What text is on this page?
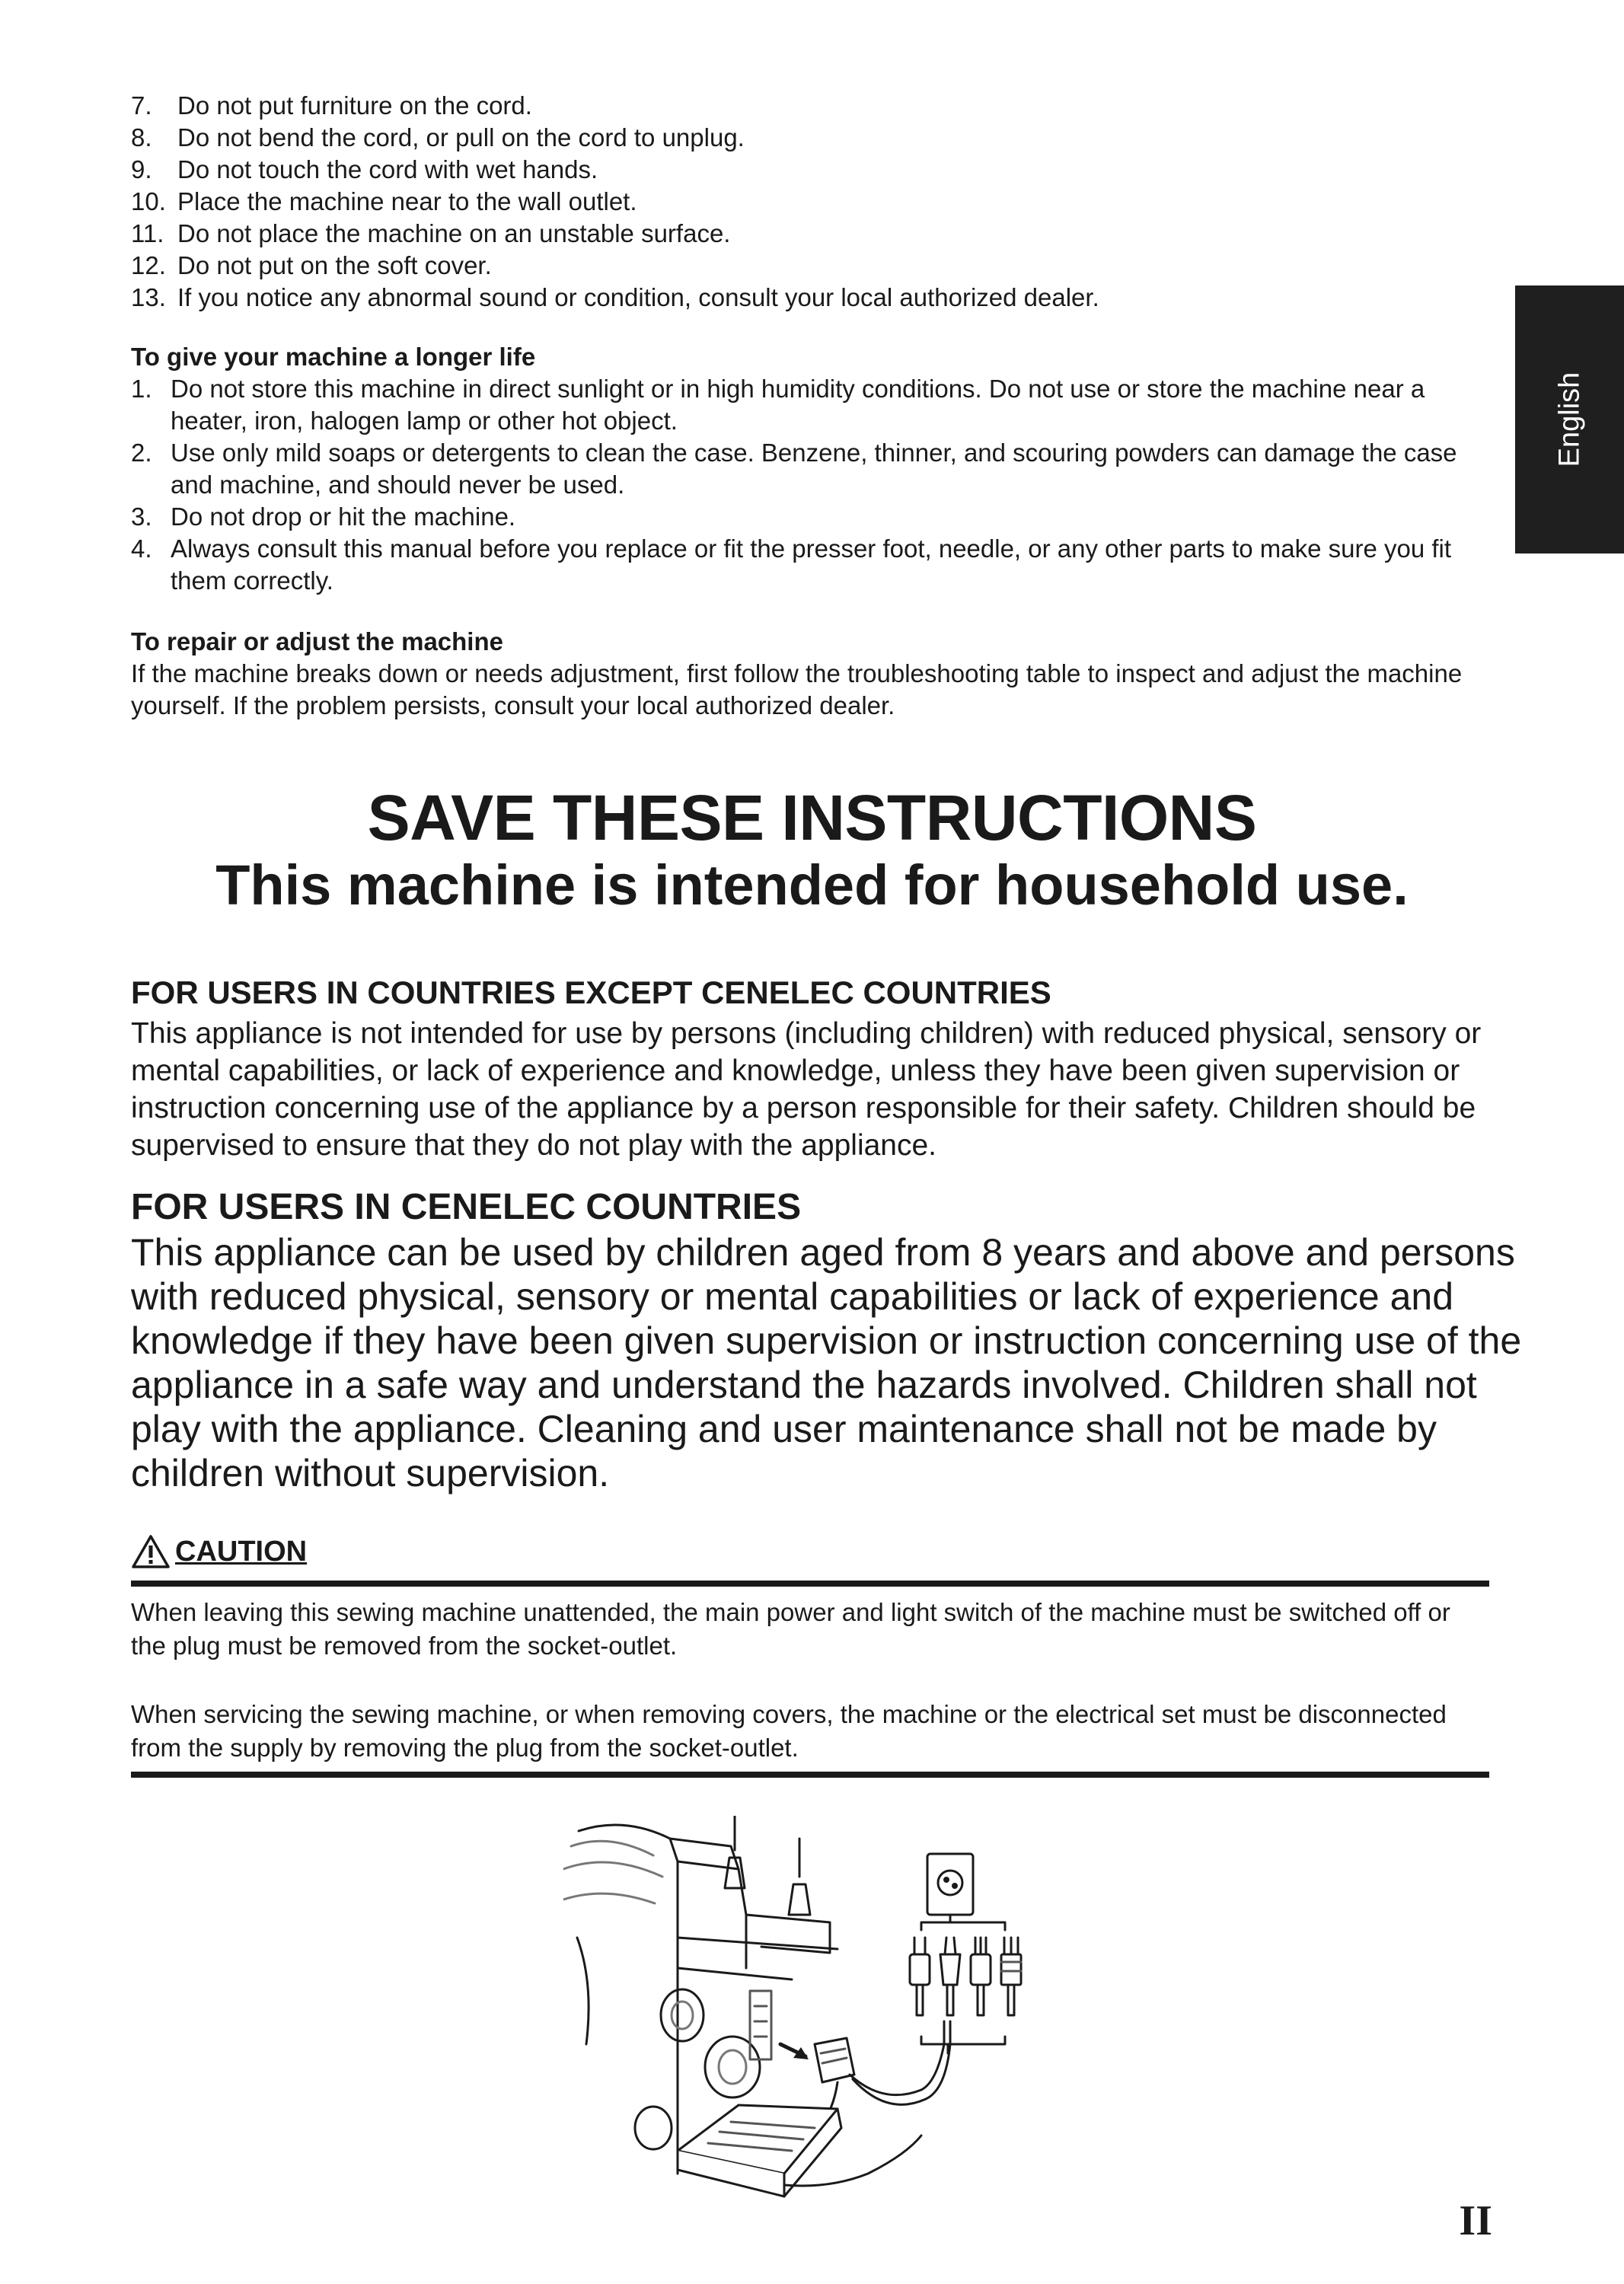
English
7. Do not put furniture on the cord.
8. Do not bend the cord, or pull on the cord to unplug.
9. Do not touch the cord with wet hands.
10. Place the machine near to the wall outlet.
11. Do not place the machine on an unstable surface.
12. Do not put on the soft cover.
13. If you notice any abnormal sound or condition, consult your local authorized dealer.
To give your machine a longer life
1. Do not store this machine in direct sunlight or in high humidity conditions. Do not use or store the machine near a heater, iron, halogen lamp or other hot object.
2. Use only mild soaps or detergents to clean the case. Benzene, thinner, and scouring powders can damage the case and machine, and should never be used.
3. Do not drop or hit the machine.
4. Always consult this manual before you replace or fit the presser foot, needle, or any other parts to make sure you fit them correctly.
To repair or adjust the machine
If the machine breaks down or needs adjustment, first follow the troubleshooting table to inspect and adjust the machine yourself. If the problem persists, consult your local authorized dealer.
SAVE THESE INSTRUCTIONS
This machine is intended for household use.
FOR USERS IN COUNTRIES EXCEPT CENELEC COUNTRIES
This appliance is not intended for use by persons (including children) with reduced physical, sensory or mental capabilities, or lack of experience and knowledge, unless they have been given supervision or instruction concerning use of the appliance by a person responsible for their safety. Children should be supervised to ensure that they do not play with the appliance.
FOR USERS IN CENELEC COUNTRIES
This appliance can be used by children aged from 8 years and above and persons with reduced physical, sensory or mental capabilities or lack of experience and knowledge if they have been given supervision or instruction concerning use of the appliance in a safe way and understand the hazards involved. Children shall not play with the appliance. Cleaning and user maintenance shall not be made by children without supervision.
CAUTION
When leaving this sewing machine unattended, the main power and light switch of the machine must be switched off or the plug must be removed from the socket-outlet.
When servicing the sewing machine, or when removing covers, the machine or the electrical set must be disconnected from the supply by removing the plug from the socket-outlet.
II
